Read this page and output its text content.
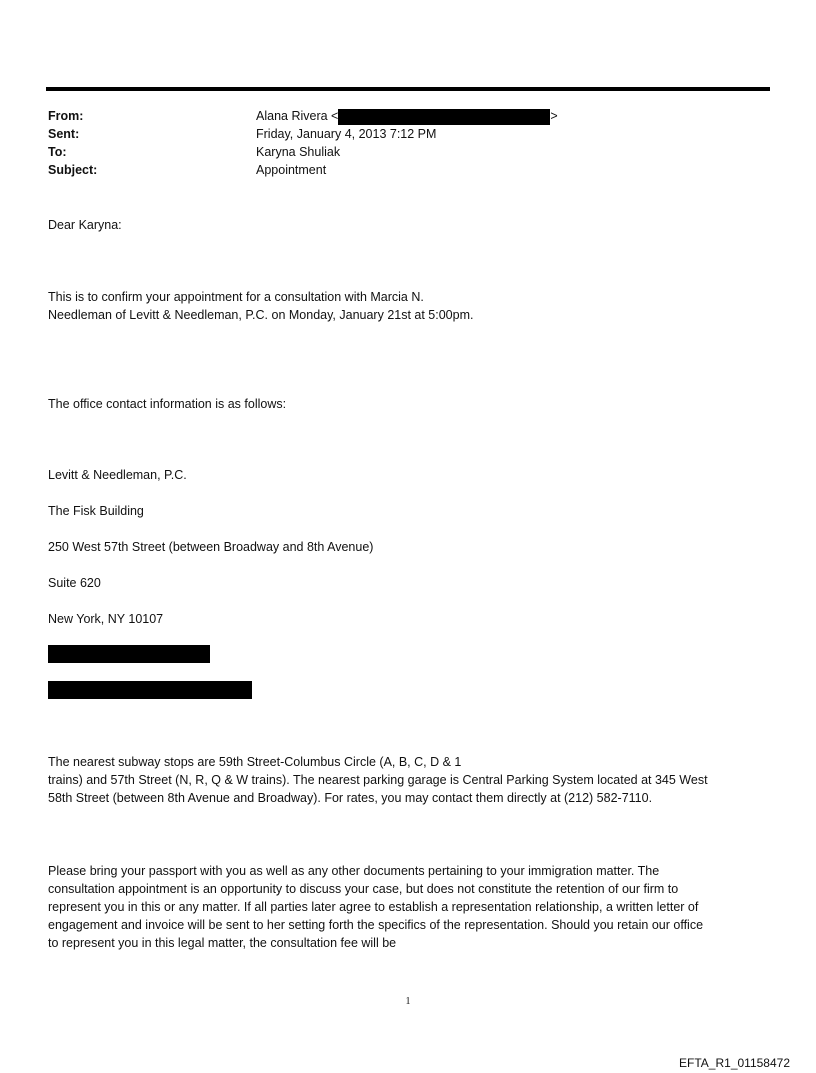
From:	Alana Rivera <	>
Sent:	Friday, January 4, 2013 7:12 PM
To:	Karyna Shuliak
Subject:	Appointment
Dear Karyna:
This is to confirm your appointment for a consultation with Marcia N.
Needleman of Levitt & Needleman, P.C. on Monday, January 21st at 5:00pm.
The office contact information is as follows:
Levitt & Needleman, P.C.
The Fisk Building
250 West 57th Street (between Broadway and 8th Avenue)
Suite 620
New York, NY 10107
The nearest subway stops are 59th Street-Columbus Circle (A, B, C, D & 1
trains) and 57th Street (N, R, Q & W trains). The nearest parking garage is Central Parking System located at 345 West
58th Street (between 8th Avenue and Broadway). For rates, you may contact them directly at (212) 582-7110.
Please bring your passport with you as well as any other documents pertaining to your immigration matter. The
consultation appointment is an opportunity to discuss your case, but does not constitute the retention of our firm to
represent you in this or any matter. If all parties later agree to establish a representation relationship, a written letter of
engagement and invoice will be sent to her setting forth the specifics of the representation. Should you retain our office
to represent you in this legal matter, the consultation fee will be
1
EFTA_R1_01158472
